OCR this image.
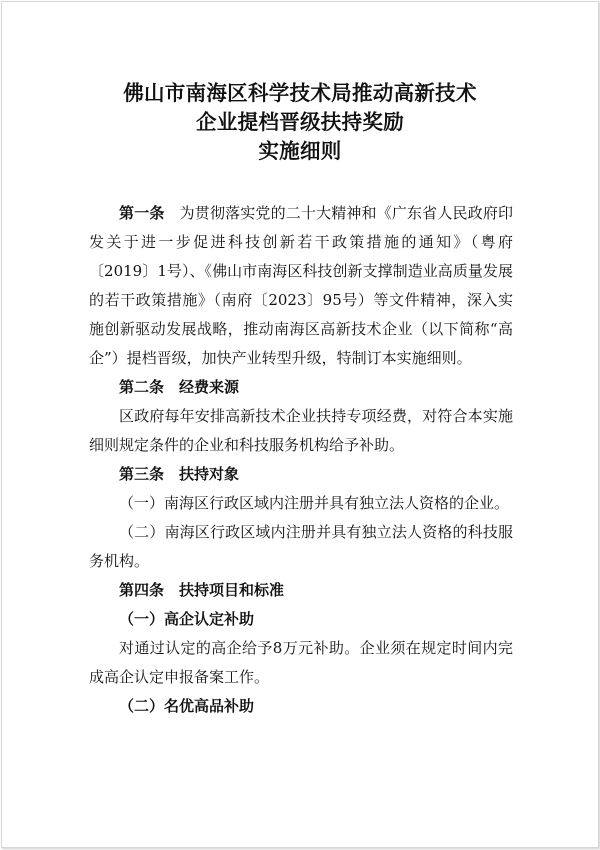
佛山市南海区科学技术局推动高新技术
企业提档晋级扶持奖励
实施细则

第一条 为贯彻落实党的二十大精神和《广东省人民政府印发关于进一步促进科技创新若干政策措施的通知》（粤府〔2019〕1号）、《佛山市南海区科技创新支撑制造业高质量发展的若干政策措施》（南府〔2023〕95号）等文件精神，深入实施创新驱动发展战略，推动南海区高新技术企业（以下简称“高企”）提档晋级，加快产业转型升级，特制订本实施细则。

第二条 经费来源

区政府每年安排高新技术企业扶持专项经费，对符合本实施细则规定条件的企业和科技服务机构给予补助。

第三条 扶持对象

（一）南海区行政区域内注册并具有独立法人资格的企业。

（二）南海区行政区域内注册并具有独立法人资格的科技服务机构。

第四条 扶持项目和标准

（一）高企认定补助

对通过认定的高企给予8万元补助。企业须在规定时间内完成高企认定申报备案工作。

（二）名优高品补助
